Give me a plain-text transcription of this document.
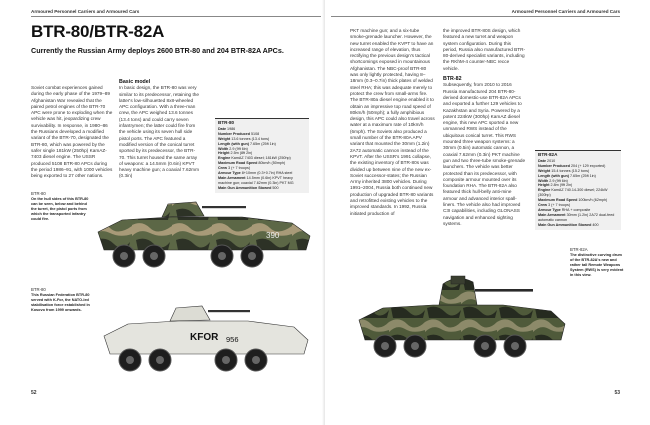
Armoured Personnel Carriers and Armoured Cars
BTR-80/BTR-82A
Currently the Russian Army deploys 2600 BTR-80 and 204 BTR-82A APCs.

Soviet combat experiences gained during the early phase of the 1979–89 Afghanistan War revealed that the paired petrol engines of the BTR-70 APC were prone to exploding when the vehicle was hit, jeopardizing crew survivability. In response, in 1980–86 the Russians developed a modified variant of the BTR-70, designated the BTR-80, which was powered by the safer single 181kW (250hp) KamAZ-7403 diesel engine. The USSR produced 5108 BTR-80 APCs during the period 1986–91, with 1000 vehicles being exported to 27 other nations.

Basic model

In basic design, the BTR-80 was very similar to its predecessor, retaining the latter's low-silhouetted 8x8-wheeled APC configuration. With a three-man crew, the APC weighed 13.6 tonnes (13.4 tons) and could carry seven infantrymen; the latter could fire from the vehicle using its seven hull side pistol ports. The APC featured a modified version of the conical turret sported by its predecessor, the BTR-70. This turret housed the same array of weapons: a 14.5mm (0.6in) KPVT heavy machine gun; a coaxial 7.62mm (0.3in)

BTR-80
Date 1986
Number Produced 5108
Weight 13.6 tonnes (13.4 tons)
Length (with gun) 7.65m (25ft 1in)
Width 2.9 (9ft 6in)
Height 2.5m (8ft 2in)
Engine KamAZ 7403 diesel; 181kW (250hp)
Maximum Road Speed 80km/h (50mph)
Crew 3 (+ 7 troops)
Armour Type 8+10mm (0.3+0.7in) RHA steel
Main Armament 14.5mm (0.6in) KPVT heavy machine gun; coaxial 7.62mm (0.3in) PKT MG
Main Gun Ammunition Stowed 500
BTR-80
On the hull sides of this BTR-80 can be seen, below and behind the turret, the pistol ports from which the transported infantry could fire.
390
BTR-80
This Russian Federation BTR-80 served with K-For, the NATO-led stabilisation force established in Kosovo from 1999 onwards.
KFOR 956
52
Armoured Personnel Carriers and Armoured Cars

PKT machine gun; and a six-tube smoke-grenade launcher. However, the new turret enabled the KVPT to have an increased range of elevation, thus rectifying the previous design's tactical shortcomings exposed in mountainous Afghanistan. The NBC-proof BTR-80 was only lightly protected, having 8–18mm (0.3–0.7in) thick plates of welded steel RHA; this was adequate merely to protect the crew from small-arms fire. The BTR-80a diesel engine enabled it to obtain an impressive top road speed of 80km/h (50mph); a fully amphibious design, this APC could also travel across water at a maximum rate of 10km/h (6mph). The Soviets also produced a small number of the BTR-80A APV variant that mounted the 30mm (1.2in) 2A72 automatic cannon instead of the KPVT. After the USSR's 1991 collapse, the existing inventory of BTR-80s was divided up between nine of the new ex-Soviet successor-states; the Russian Army inherited 3800 vehicles. During 1991–2004, Russia both continued new production of upgraded BTR-80 variants and retrofitted existing vehicles to the improved standards. In 1992, Russia initiated production of

the improved BTR-80S design, which featured a new turret and weapon system configuration. During this period, Russia also manufactured BTR-80-derived specialist variants, including the RKhM-4 counter-NBC recce vehicle.

BTR-82

Subsequently, from 2010 to 2016 Russia manufactured 204 BTR-80-derived domestic-use BTR-82A APCs and exported a further 129 vehicles to Kazakhstan and Syria. Powered by a potent 224kW (300hp) KamAZ diesel engine, this new APC sported a new unmanned RWS instead of the ubiquitous conical turret. This RWS mounted three weapon systems: a 30mm (0.5in) automatic cannon, a coaxial 7.62mm (0.3in) PKT machine gun and two three-tube smoke-grenade launchers. The vehicle was better protected than its predecessor, with composite armour mounted over its foundation RHA. The BTR-82A also featured thick hull-belly anti-mine armour and advanced interior spall-liners. The vehicle also had improved C3I capabilities, including GLONASS navigation and enhanced sighting systems.

BTR-82A
Date 2010
Number Produced 204 (+ 129 exported)
Weight 15.4 tonnes (15.2 tons)
Length (with gun) 7.65m (25ft 1in)
Width 2.9 (9ft 6in)
Height 2.8m (9ft 2in)
Engine KamAZ 740.14-300 diesel; 224kW (300hp)
Maximum Road Speed 100km/h (62mph)
Crew 3 (+ 7 troops)
Armour Type RHA + composite
Main Armament 30mm (1.2in) 2A72 dual-feed automatic cannon
Main Gun Ammunition Stowed 400
BTR-82A
The distinctive curving drum of the BTR-82A's new and rather tall Remote Weapons System (RWS) is very evident in this view.
53
